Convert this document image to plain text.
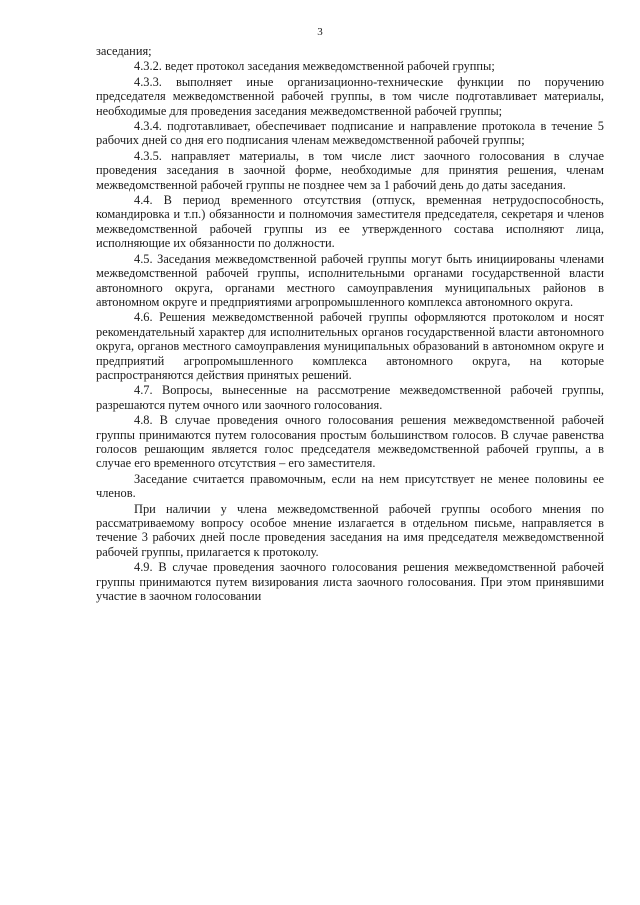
3

заседания;

4.3.2. ведет протокол заседания межведомственной рабочей группы;

4.3.3. выполняет иные организационно-технические функции по поручению председателя межведомственной рабочей группы, в том числе подготавливает материалы, необходимые для проведения заседания межведомственной рабочей группы;

4.3.4. подготавливает, обеспечивает подписание и направление протокола в течение 5 рабочих дней со дня его подписания членам межведомственной рабочей группы;

4.3.5. направляет материалы, в том числе лист заочного голосования в случае проведения заседания в заочной форме, необходимые для принятия решения, членам межведомственной рабочей группы не позднее чем за 1 рабочий день до даты заседания.

4.4. В период временного отсутствия (отпуск, временная нетрудоспособность, командировка и т.п.) обязанности и полномочия заместителя председателя, секретаря и членов межведомственной рабочей группы из ее утвержденного состава исполняют лица, исполняющие их обязанности по должности.

4.5. Заседания межведомственной рабочей группы могут быть инициированы членами межведомственной рабочей группы, исполнительными органами государственной власти автономного округа, органами местного самоуправления муниципальных районов в автономном округе и предприятиями агропромышленного комплекса автономного округа.

4.6. Решения межведомственной рабочей группы оформляются протоколом и носят рекомендательный характер для исполнительных органов государственной власти автономного округа, органов местного самоуправления муниципальных образований в автономном округе и предприятий агропромышленного комплекса автономного округа, на которые распространяются действия принятых решений.

4.7. Вопросы, вынесенные на рассмотрение межведомственной рабочей группы, разрешаются путем очного или заочного голосования.

4.8. В случае проведения очного голосования решения межведомственной рабочей группы принимаются путем голосования простым большинством голосов. В случае равенства голосов решающим является голос председателя межведомственной рабочей группы, а в случае его временного отсутствия – его заместителя.

Заседание считается правомочным, если на нем присутствует не менее половины ее членов.

При наличии у члена межведомственной рабочей группы особого мнения по рассматриваемому вопросу особое мнение излагается в отдельном письме, направляется в течение 3 рабочих дней после проведения заседания на имя председателя межведомственной рабочей группы, прилагается к протоколу.

4.9. В случае проведения заочного голосования решения межведомственной рабочей группы принимаются путем визирования листа заочного голосования. При этом принявшими участие в заочном голосовании
